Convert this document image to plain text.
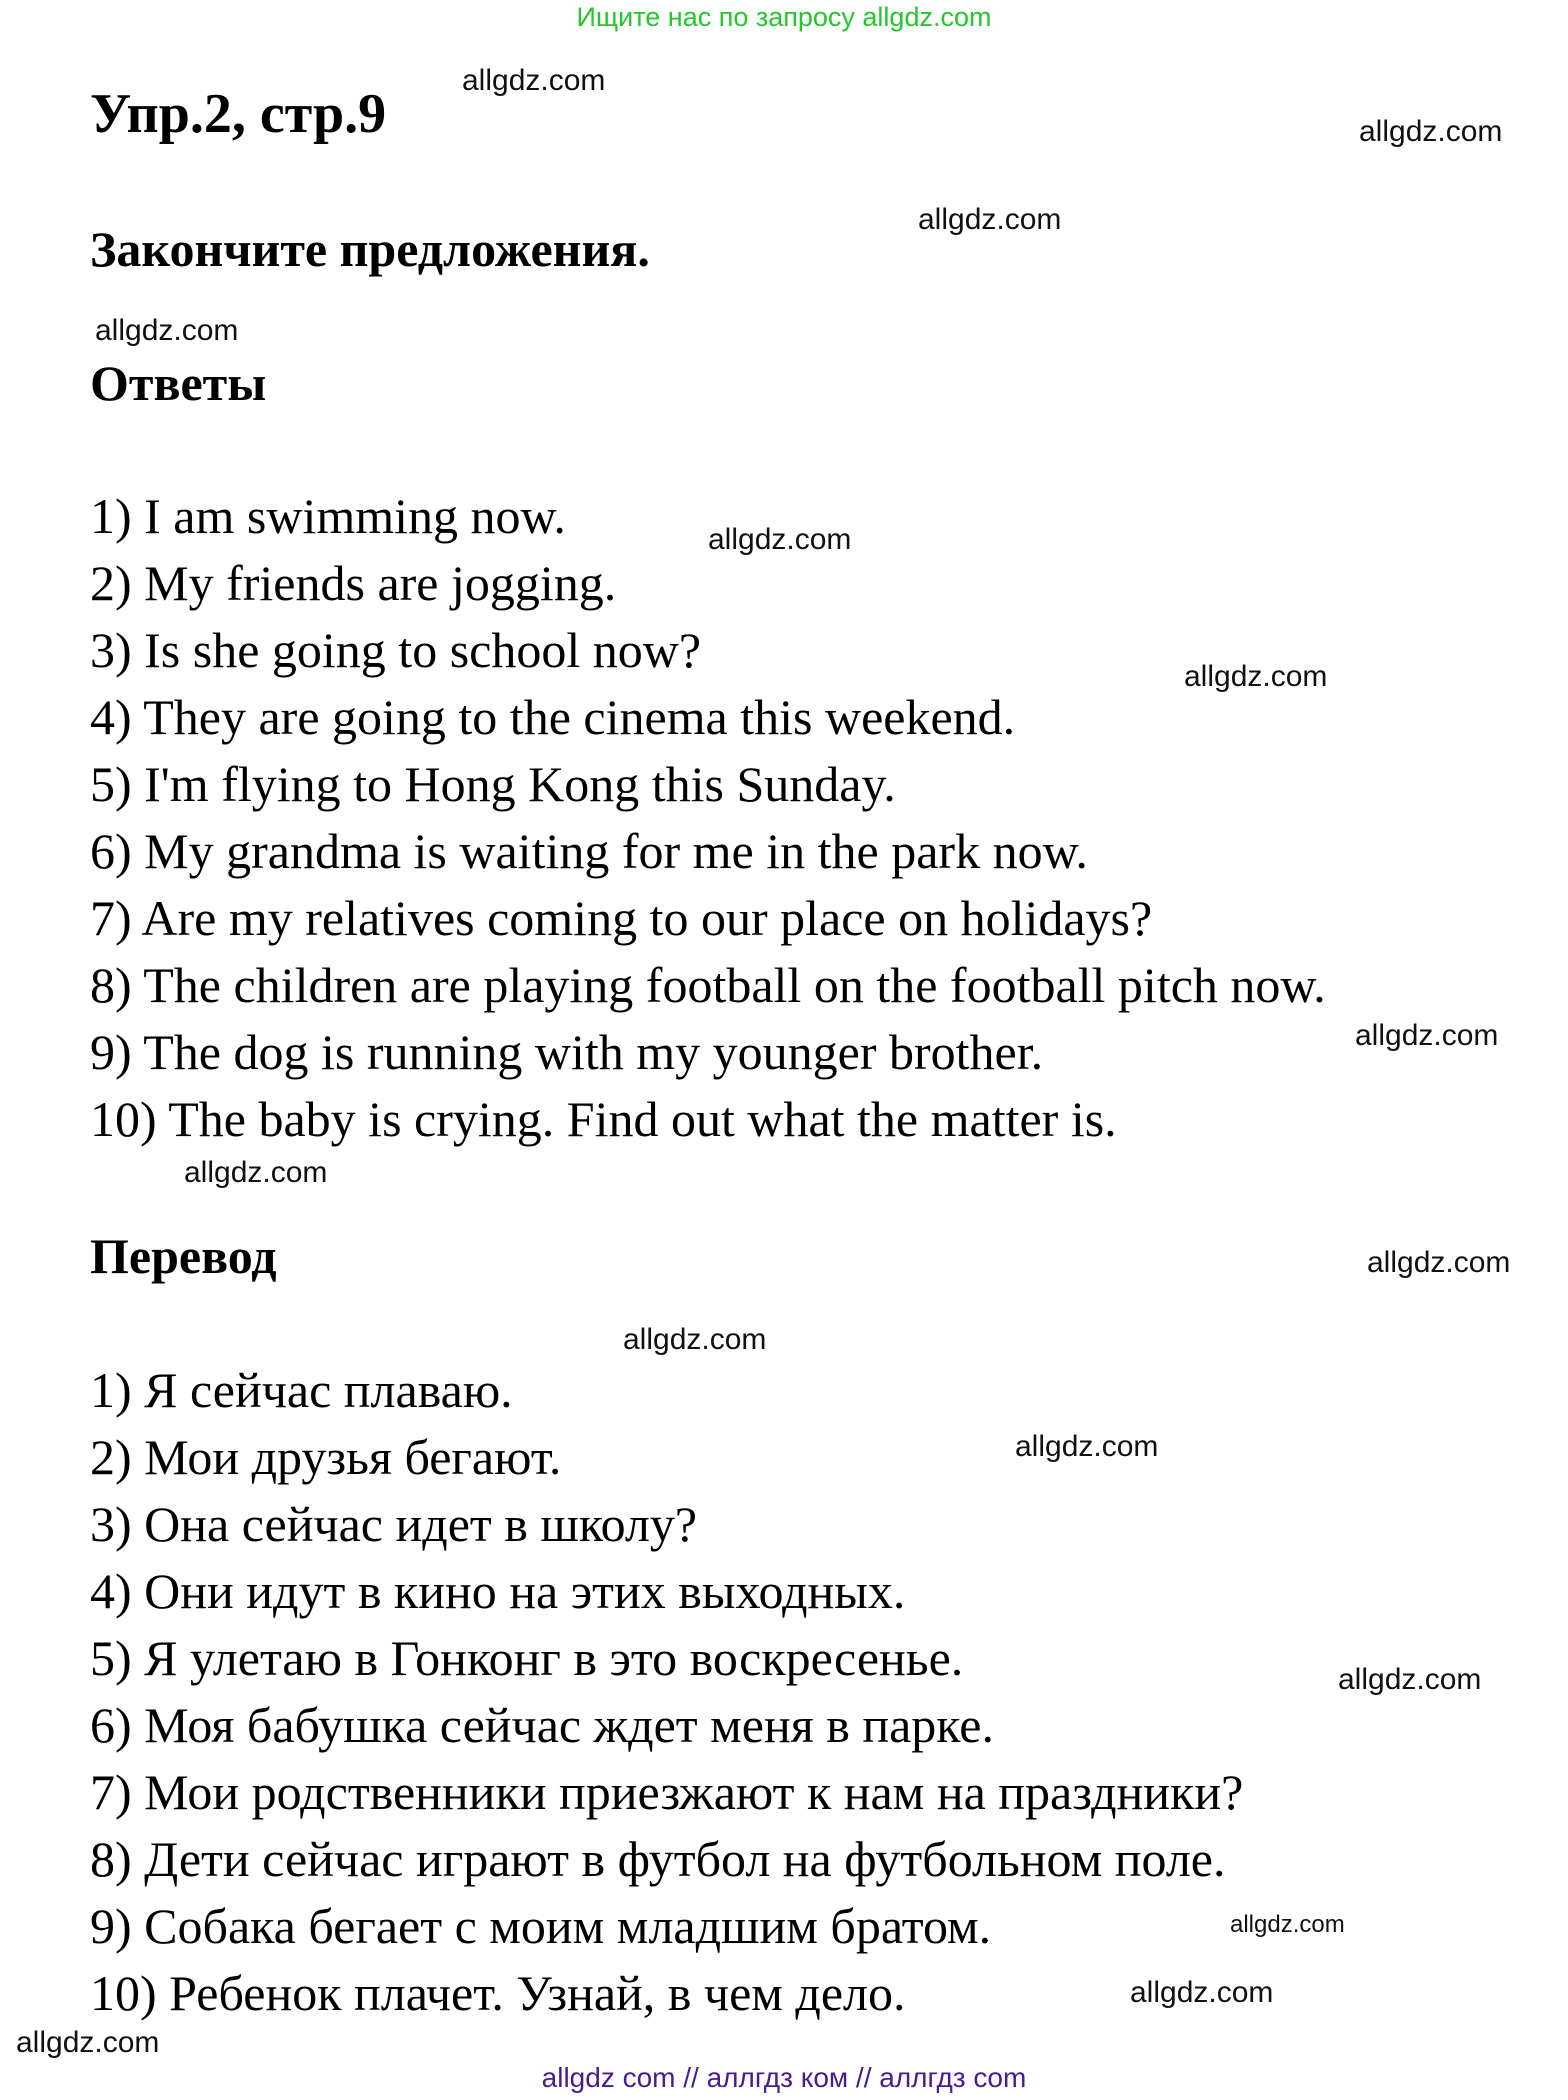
Ищите нас по запросу allgdz.com
Упр.2, стр.9
Закончите предложения.
Ответы
1) I am swimming now.
2) My friends are jogging.
3) Is she going to school now?
4) They are going to the cinema this weekend.
5) I'm flying to Hong Kong this Sunday.
6) My grandma is waiting for me in the park now.
7) Are my relatives coming to our place on holidays?
8) The children are playing football on the football pitch now.
9) The dog is running with my younger brother.
10) The baby is crying. Find out what the matter is.
Перевод
1) Я сейчас плаваю.
2) Мои друзья бегают.
3) Она сейчас идет в школу?
4) Они идут в кино на этих выходных.
5) Я улетаю в Гонконг в это воскресенье.
6) Моя бабушка сейчас ждет меня в парке.
7) Мои родственники приезжают к нам на праздники?
8) Дети сейчас играют в футбол на футбольном поле.
9) Собака бегает с моим младшим братом.
10) Ребенок плачет. Узнай, в чем дело.
allgdz.com
allgdz.com
allgdz.com
allgdz.com
allgdz.com
allgdz.com
allgdz.com
allgdz.com
allgdz.com
allgdz.com
allgdz.com
allgdz.com
allgdz.com
allgdz.com
allgdz.com
allgdz com // аллгдз ком // аллгдз com
